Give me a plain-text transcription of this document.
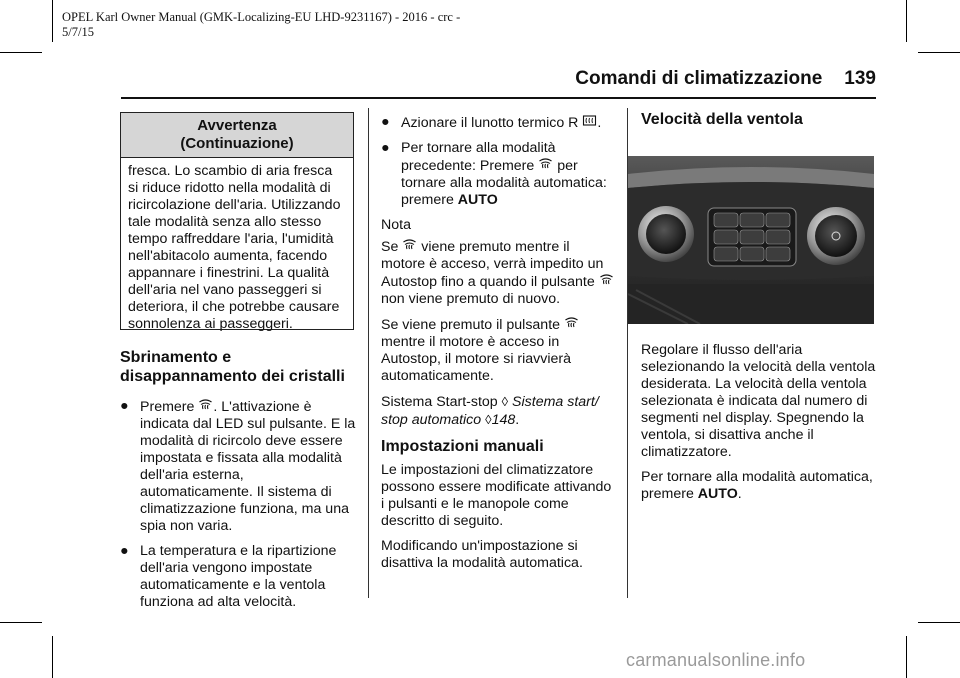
OPEL Karl Owner Manual (GMK-Localizing-EU LHD-9231167) - 2016 - crc -
5/7/15
Comandi di climatizzazione 139
Avvertenza
(Continuazione)
fresca. Lo scambio di aria fresca si riduce ridotto nella modalità di ricircolazione dell'aria. Utilizzando tale modalità senza allo stesso tempo raffreddare l'aria, l'umidità nell'abitacolo aumenta, facendo appannare i finestrini. La qualità dell'aria nel vano passeggeri si deteriora, il che potrebbe causare sonnolenza ai passeggeri.
Sbrinamento e disappannamento dei cristalli
● Premere . L'attivazione è indicata dal LED sul pulsante. E la modalità di ricircolo deve essere impostata e fissata alla modalità dell'aria esterna, automaticamente. Il sistema di climatizzazione funziona, ma una spia non varia.
● La temperatura e la ripartizione dell'aria vengono impostate automaticamente e la ventola funziona ad alta velocità.
● Azionare il lunotto termico R .
● Per tornare alla modalità precedente: Premere per tornare alla modalità automatica: premere AUTO

Nota

Se viene premuto mentre il motore è acceso, verrà impedito un Autostop fino a quando il pulsante
non viene premuto di nuovo.

Se viene premuto il pulsante
mentre il motore è acceso in Autostop, il motore si riavvierà automaticamente.

Sistema Start-stop ◊ Sistema start/ stop automatico ◊148.

Impostazioni manuali

Le impostazioni del climatizzatore possono essere modificate attivando i pulsanti e le manopole come descritto di seguito.

Modificando un'impostazione si disattiva la modalità automatica.

Velocità della ventola

Regolare il flusso dell'aria selezionando la velocità della ventola desiderata. La velocità della ventola selezionata è indicata dal numero di segmenti nel display. Spegnendo la ventola, si disattiva anche il climatizzatore.

Per tornare alla modalità automatica, premere AUTO.

carmanualsonline.info
